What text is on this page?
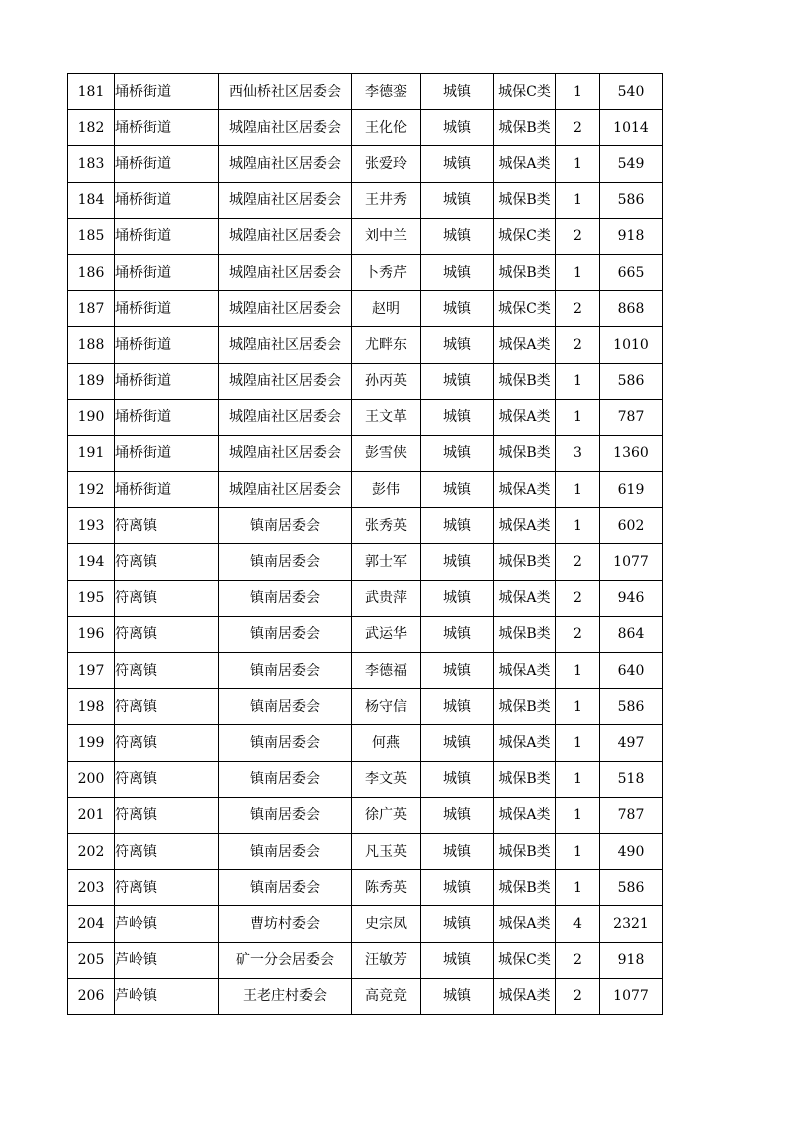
181	埇桥街道	西仙桥社区居委会	李德銮	城镇	城保C类	1	540
182	埇桥街道	城隍庙社区居委会	王化伦	城镇	城保B类	2	1014
183	埇桥街道	城隍庙社区居委会	张爱玲	城镇	城保A类	1	549
184	埇桥街道	城隍庙社区居委会	王井秀	城镇	城保B类	1	586
185	埇桥街道	城隍庙社区居委会	刘中兰	城镇	城保C类	2	918
186	埇桥街道	城隍庙社区居委会	卜秀芹	城镇	城保B类	1	665
187	埇桥街道	城隍庙社区居委会	赵明	城镇	城保C类	2	868
188	埇桥街道	城隍庙社区居委会	尤畔东	城镇	城保A类	2	1010
189	埇桥街道	城隍庙社区居委会	孙丙英	城镇	城保B类	1	586
190	埇桥街道	城隍庙社区居委会	王文革	城镇	城保A类	1	787
191	埇桥街道	城隍庙社区居委会	彭雪侠	城镇	城保B类	3	1360
192	埇桥街道	城隍庙社区居委会	彭伟	城镇	城保A类	1	619
193	符离镇	镇南居委会	张秀英	城镇	城保A类	1	602
194	符离镇	镇南居委会	郭士军	城镇	城保B类	2	1077
195	符离镇	镇南居委会	武贵萍	城镇	城保A类	2	946
196	符离镇	镇南居委会	武运华	城镇	城保B类	2	864
197	符离镇	镇南居委会	李德福	城镇	城保A类	1	640
198	符离镇	镇南居委会	杨守信	城镇	城保B类	1	586
199	符离镇	镇南居委会	何燕	城镇	城保A类	1	497
200	符离镇	镇南居委会	李文英	城镇	城保B类	1	518
201	符离镇	镇南居委会	徐广英	城镇	城保A类	1	787
202	符离镇	镇南居委会	凡玉英	城镇	城保B类	1	490
203	符离镇	镇南居委会	陈秀英	城镇	城保B类	1	586
204	芦岭镇	曹坊村委会	史宗凤	城镇	城保A类	4	2321
205	芦岭镇	矿一分会居委会	汪敏芳	城镇	城保C类	2	918
206	芦岭镇	王老庄村委会	高竞竞	城镇	城保A类	2	1077
